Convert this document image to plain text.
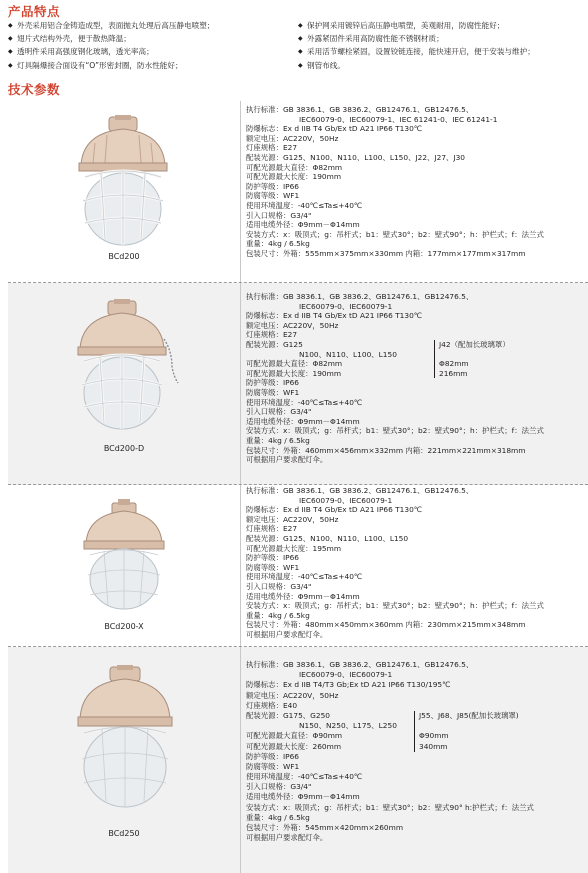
产品特点
◆ 外壳采用铝合金铸造成型，表面抛丸处理后高压静电喷塑；
◆ 翅片式结构外壳，便于散热降温；
◆ 透明件采用高强度钢化玻璃，透光率高；
◆ 灯具隔爆接合面设有“O”形密封圈，防水性能好；
◆ 保护网采用镀锌后高压静电喷塑，美观耐用，防腐性能好；
◆ 外露紧固件采用高防腐性能不锈钢材质；
◆ 采用活节螺栓紧固，设置铰链连接，能快速开启，便于安装与维护；
◆ 钢管布线。
技术参数
BCd200
执行标准：GB 3836.1、GB 3836.2、GB12476.1、GB12476.5、
IEC60079-0、IEC60079-1、IEC 61241-0、IEC 61241-1
防爆标志：Ex d IIB T4 Gb/Ex tD A21 IP66 T130℃
额定电压：AC220V，50Hz
灯座规格：E27
配装光源：G125、N100、N110、L100、L150、J22、J27、J30
可配光源最大直径：Φ82mm
可配光源最大长度：190mm
防护等级：IP66
防腐等级：WF1
使用环境温度：-40℃≤Ta≤+40℃
引入口规格：G3/4"
适用电缆外径：Φ9mm－Φ14mm
安装方式：x：吸顶式；g：吊杆式；b1：壁式30°；b2：壁式90°；h：护栏式；f：法兰式
重量：4kg / 6.5kg
包装尺寸：外箱：555mm×375mm×330mm 内箱：177mm×177mm×317mm
BCd200-D
执行标准：GB 3836.1、GB 3836.2、GB12476.1、GB12476.5、
IEC60079-0、IEC60079-1
防爆标志：Ex d IIB T4 Gb/Ex tD A21 IP66 T130℃
额定电压：AC220V，50Hz
灯座规格：E27
配装光源：G125
N100、N110、L100、L150
可配光源最大直径：Φ82mm
可配光源最大长度：190mm
防护等级：IP66
防腐等级：WF1
使用环境温度：-40℃≤Ta≤+40℃
引入口规格：G3/4"
适用电缆外径：Φ9mm－Φ14mm
安装方式：x：吸顶式；g：吊杆式；b1：壁式30°；b2：壁式90°；h：护栏式；f：法兰式
重量：4kg / 6.5kg
包装尺寸：外箱：460mm×456mm×332mm 内箱：221mm×221mm×318mm
可根据用户要求配灯伞。
J42（配加长玻璃罩）
Φ82mm
216mm
BCd200-X
执行标准：GB 3836.1、GB 3836.2、GB12476.1、GB12476.5、
IEC60079-0、IEC60079-1
防爆标志：Ex d IIB T4 Gb/Ex tD A21 IP66 T130℃
额定电压：AC220V，50Hz
灯座规格：E27
配装光源：G125、N100、N110、L100、L150
可配光源最大长度：195mm
防护等级：IP66
防腐等级：WF1
使用环境温度：-40℃≤Ta≤+40℃
引入口规格：G3/4"
适用电缆外径：Φ9mm－Φ14mm
安装方式：x：吸顶式；g：吊杆式；b1：壁式30°；b2：壁式90°；h：护栏式；f：法兰式
重量：4kg / 6.5kg
包装尺寸：外箱：480mm×450mm×360mm 内箱：230mm×215mm×348mm
可根据用户要求配灯伞。
BCd250
执行标准：GB 3836.1、GB 3836.2、GB12476.1、GB12476.5、
IEC60079-0、IEC60079-1
防爆标志：Ex d IIB T4/T3 Gb;Ex tD A21 IP66 T130/195℃
额定电压：AC220V，50Hz
灯座规格：E40
配装光源：G175、G250
N150、N250、L175、L250
可配光源最大直径：Φ90mm
可配光源最大长度：260mm
防护等级：IP66
防腐等级：WF1
使用环境温度：-40℃≤Ta≤+40℃
引入口规格：G3/4"
适用电缆外径：Φ9mm－Φ14mm
安装方式：x：吸顶式；g：吊杆式；b1：壁式30°；b2：壁式90° h:护栏式；f：法兰式
重量：4kg / 6.5kg
包装尺寸：外箱：545mm×420mm×260mm
可根据用户要求配灯伞。
J55、J68、J85(配加长玻璃罩)
Φ90mm
340mm
